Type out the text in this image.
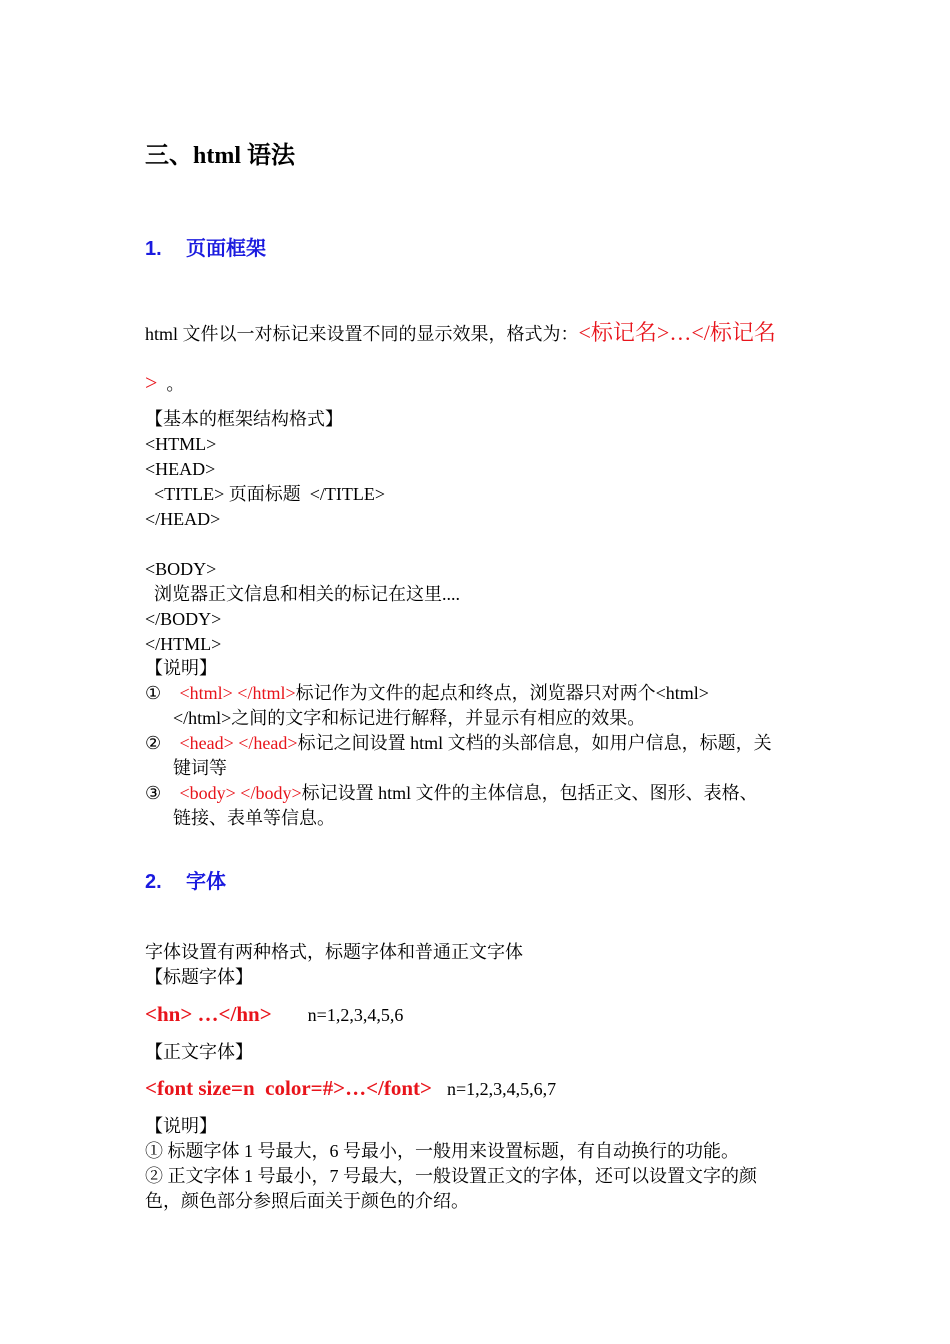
三、html 语法
1. 页面框架
html 文件以一对标记来设置不同的显示效果，格式为：<标记名>…</标记名
> 。
【基本的框架结构格式】
<HTML>
<HEAD>
<TITLE> 页面标题  </TITLE>
</HEAD>
<BODY>
浏览器正文信息和相关的标记在这里....
</BODY>
</HTML>
【说明】
① <html> </html>标记作为文件的起点和终点，浏览器只对两个<html>
</html>之间的文字和标记进行解释，并显示有相应的效果。
② <head> </head>标记之间设置 html 文档的头部信息，如用户信息，标题，关
键词等
③ <body> </body>标记设置 html 文件的主体信息，包括正文、图形、表格、
链接、表单等信息。
2. 字体
字体设置有两种格式，标题字体和普通正文字体
【标题字体】
<hn> …</hn> n=1,2,3,4,5,6
【正文字体】
<font size=n  color=#>…</font> n=1,2,3,4,5,6,7
【说明】
① 标题字体 1 号最大，6 号最小，一般用来设置标题，有自动换行的功能。
② 正文字体 1 号最小，7 号最大，一般设置正文的字体，还可以设置文字的颜
色，颜色部分参照后面关于颜色的介绍。
